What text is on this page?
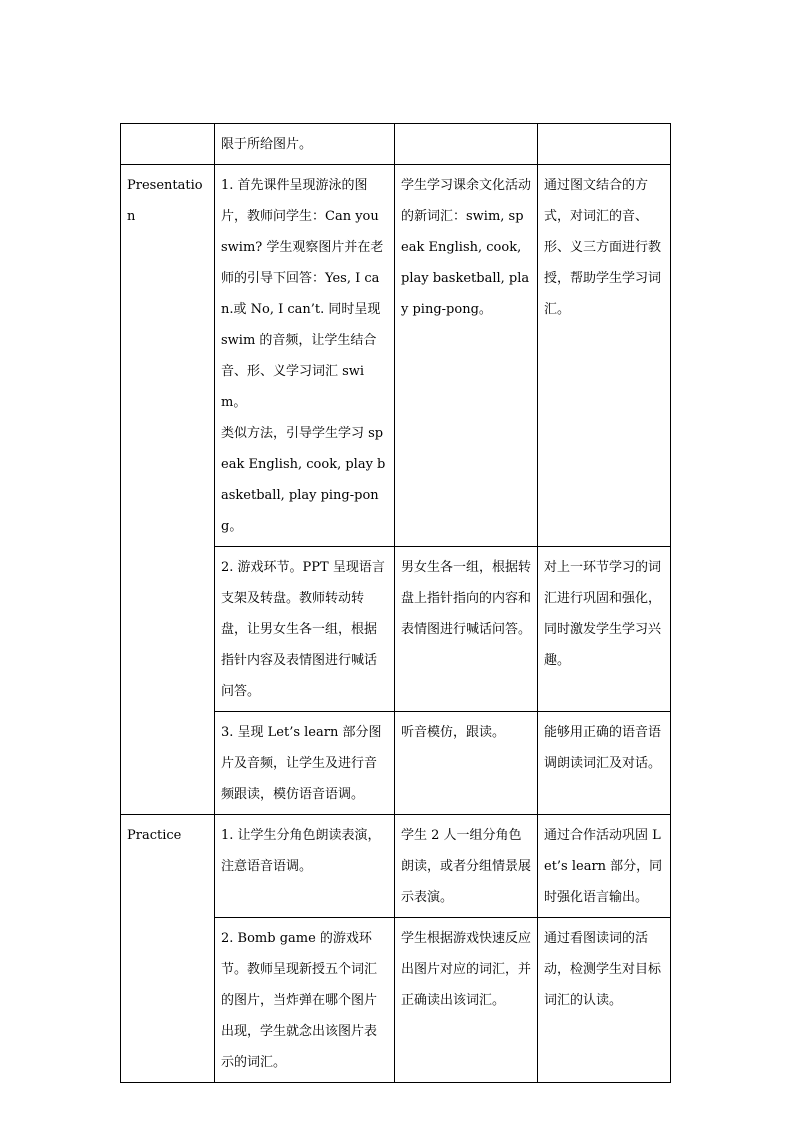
	限于所给图片。		

Presentation	1. 首先课件呈现游泳的图片，教师问学生：Can you swim? 学生观察图片并在老师的引导下回答：Yes, I can.或 No, I can’t. 同时呈现 swim 的音频，让学生结合音、形、义学习词汇 swim。
类似方法，引导学生学习 speak English, cook, play basketball, play ping-pong。	学生学习课余文化活动的新词汇：swim, speak English, cook, play basketball, play ping-pong。	通过图文结合的方式，对词汇的音、形、义三方面进行教授，帮助学生学习词汇。

	2. 游戏环节。PPT 呈现语言支架及转盘。教师转动转盘，让男女生各一组，根据指针内容及表情图进行喊话问答。	男女生各一组，根据转盘上指针指向的内容和表情图进行喊话问答。	对上一环节学习的词汇进行巩固和强化，同时激发学生学习兴趣。

	3. 呈现 Let’s learn 部分图片及音频，让学生及进行音频跟读，模仿语音语调。	听音模仿，跟读。	能够用正确的语音语调朗读词汇及对话。
Practice	1. 让学生分角色朗读表演，注意语音语调。	学生 2 人一组分角色朗读，或者分组情景展示表演。	通过合作活动巩固 Let’s learn 部分，同时强化语言输出。

	2. Bomb game 的游戏环节。教师呈现新授五个词汇的图片，当炸弹在哪个图片出现，学生就念出该图片表示的词汇。	学生根据游戏快速反应出图片对应的词汇，并正确读出该词汇。	通过看图读词的活动，检测学生对目标词汇的认读。
